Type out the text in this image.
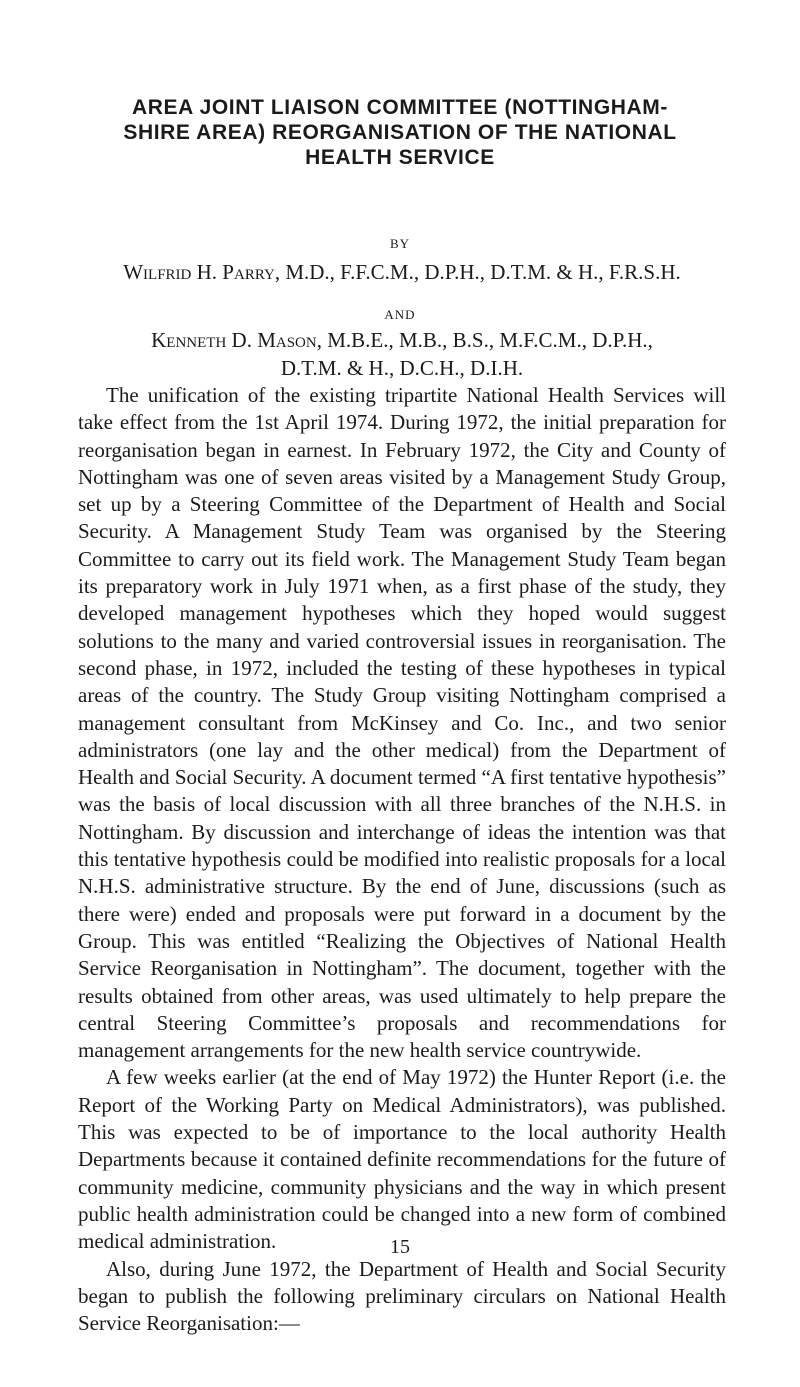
AREA JOINT LIAISON COMMITTEE (NOTTINGHAM-
SHIRE AREA) REORGANISATION OF THE NATIONAL
HEALTH SERVICE
BY
Wilfrid H. Parry, M.D., F.F.C.M., D.P.H., D.T.M. & H., F.R.S.H.
AND
Kenneth D. Mason, M.B.E., M.B., B.S., M.F.C.M., D.P.H.,
D.T.M. & H., D.C.H., D.I.H.

The unification of the existing tripartite National Health Services will take effect from the 1st April 1974. During 1972, the initial preparation for reorganisation began in earnest. In February 1972, the City and County of Nottingham was one of seven areas visited by a Management Study Group, set up by a Steering Committee of the Department of Health and Social Security. A Management Study Team was organised by the Steering Committee to carry out its field work. The Management Study Team began its preparatory work in July 1971 when, as a first phase of the study, they developed management hypotheses which they hoped would suggest solutions to the many and varied controversial issues in reorganisation. The second phase, in 1972, included the testing of these hypotheses in typical areas of the country. The Study Group visiting Nottingham comprised a management consultant from McKinsey and Co. Inc., and two senior administrators (one lay and the other medical) from the Department of Health and Social Security. A document termed “A first tentative hypothesis” was the basis of local discussion with all three branches of the N.H.S. in Nottingham. By discussion and interchange of ideas the intention was that this tentative hypothesis could be modified into realistic proposals for a local N.H.S. administrative structure. By the end of June, discussions (such as there were) ended and proposals were put forward in a document by the Group. This was entitled “Realizing the Objectives of National Health Service Reorganisation in Nottingham”. The document, together with the results obtained from other areas, was used ultimately to help prepare the central Steering Committee’s proposals and recommendations for management arrangements for the new health service countrywide.

A few weeks earlier (at the end of May 1972) the Hunter Report (i.e. the Report of the Working Party on Medical Administrators), was published. This was expected to be of importance to the local authority Health Departments because it contained definite recommendations for the future of community medicine, community physicians and the way in which present public health administration could be changed into a new form of combined medical administration.

Also, during June 1972, the Department of Health and Social Security began to publish the following preliminary circulars on National Health Service Reorganisation:—

15
